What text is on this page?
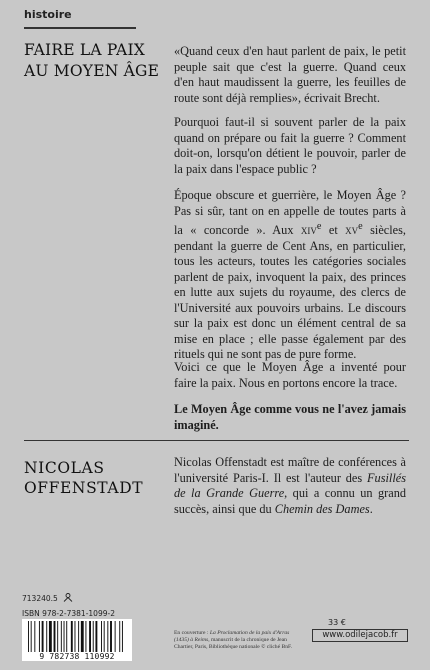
histoire
FAIRE LA PAIX
AU MOYEN ÂGE

«Quand ceux d'en haut parlent de paix, le petit peuple sait que c'est la guerre. Quand ceux d'en haut maudissent la guerre, les feuilles de route sont déjà remplies», écrivait Brecht.

Pourquoi faut-il si souvent parler de la paix quand on prépare ou fait la guerre ? Comment doit-on, lorsqu'on détient le pouvoir, parler de la paix dans l'espace public ?

Époque obscure et guerrière, le Moyen Âge ? Pas si sûr, tant on en appelle de toutes parts à la « concorde ». Aux xiv$^e$ et $xv^e$ siècles, pendant la guerre de Cent Ans, en particulier, tous les acteurs, toutes les catégories sociales parlent de paix, invoquent la paix, des princes en lutte aux sujets du royaume, des clercs de l'Université aux pouvoirs urbains. Le discours sur la paix est donc un élément central de sa mise en place ; elle passe également par des rituels qui ne sont pas de pure forme.

Voici ce que le Moyen Âge a inventé pour faire la paix. Nous en portons encore la trace.

Le Moyen Âge comme vous ne l'avez jamais imaginé.

NICOLAS
OFFENSTADT

Nicolas Offenstadt est maître de conférences à l'université Paris-I. Il est l'auteur des Fusillés de la Grande Guerre, qui a connu un grand succès, ainsi que du Chemin des Dames.

713240.5
ISBN 978-2-7381-1099-2
9 782738 110992
En couverture : La Proclamation de la paix d'Arras (1435) à Reims, manuscrit de la chronique de Jean Chartier, Paris, Bibliothèque nationale © cliché BnF.
33 €
www.odilejacob.fr
